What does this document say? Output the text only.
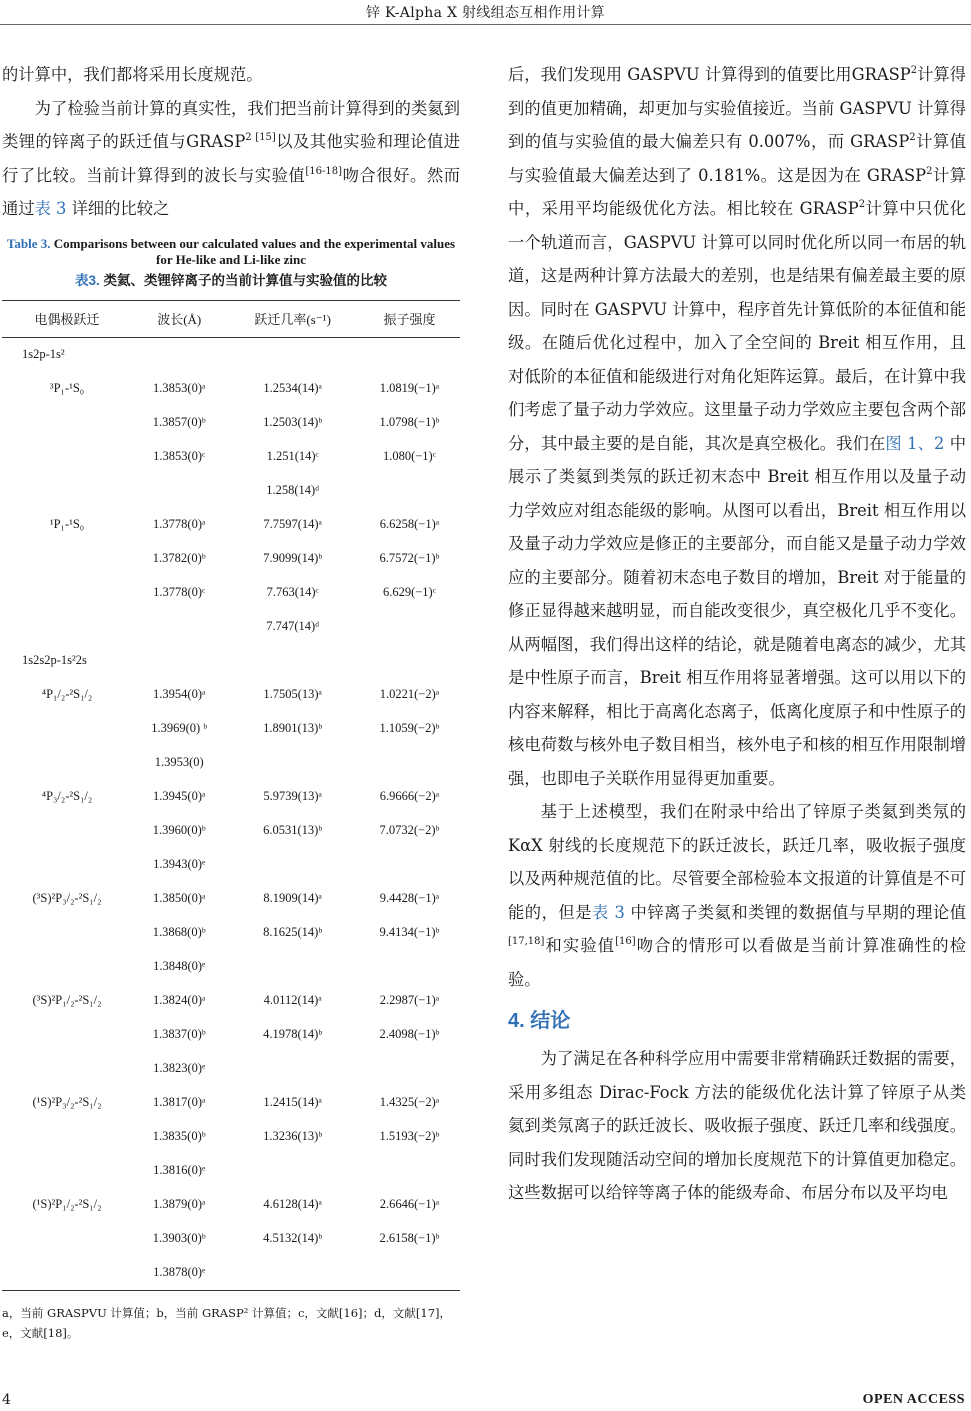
锌 K-Alpha X 射线组态互相作用计算

的计算中，我们都将采用长度规范。

为了检验当前计算的真实性，我们把当前计算得到的类氦到类锂的锌离子的跃迁值与$GRASP^{2 [15]}$以及其他实验和理论值进行了比较。当前计算得到的波长与实验值[16-18]吻合很好。然而通过表 3 详细的比较之

Table 3. Comparisons between our calculated values and the experimental values for He-like and Li-like zinc
表3. 类氦、类锂锌离子的当前计算值与实验值的比较
电偶极跃迁	波长(Å)	跃迁几率(s⁻¹)	振子强度
1s2p-1s²			
³P₁-¹S₀	1.3853(0)ᵃ	1.2534(14)ᵃ	1.0819(−1)ᵃ
	1.3857(0)ᵇ	1.2503(14)ᵇ	1.0798(−1)ᵇ
	1.3853(0)ᶜ	1.251(14)ᶜ	1.080(−1)ᶜ
		1.258(14)ᵈ	
¹P₁-¹S₀	1.3778(0)ᵃ	7.7597(14)ᵃ	6.6258(−1)ᵃ
	1.3782(0)ᵇ	7.9099(14)ᵇ	6.7572(−1)ᵇ
	1.3778(0)ᶜ	7.763(14)ᶜ	6.629(−1)ᶜ
		7.747(14)ᵈ	
1s2s2p-1s²2s			
⁴P₁/₂-²S₁/₂	1.3954(0)ᵃ	1.7505(13)ᵃ	1.0221(−2)ᵃ
	1.3969(0) ᵇ	1.8901(13)ᵇ	1.1059(−2)ᵇ
	1.3953(0)		
⁴P₃/₂-²S₁/₂	1.3945(0)ᵃ	5.9739(13)ᵃ	6.9666(−2)ᵃ
	1.3960(0)ᵇ	6.0531(13)ᵇ	7.0732(−2)ᵇ
	1.3943(0)ᵉ		
(³S)²P₃/₂-²S₁/₂	1.3850(0)ᵃ	8.1909(14)ᵃ	9.4428(−1)ᵃ
	1.3868(0)ᵇ	8.1625(14)ᵇ	9.4134(−1)ᵇ
	1.3848(0)ᵉ		
(³S)²P₁/₂-²S₁/₂	1.3824(0)ᵃ	4.0112(14)ᵃ	2.2987(−1)ᵃ
	1.3837(0)ᵇ	4.1978(14)ᵇ	2.4098(−1)ᵇ
	1.3823(0)ᵉ		
(¹S)²P₃/₂-²S₁/₂	1.3817(0)ᵃ	1.2415(14)ᵃ	1.4325(−2)ᵃ
	1.3835(0)ᵇ	1.3236(13)ᵇ	1.5193(−2)ᵇ
	1.3816(0)ᵉ		
(¹S)²P₁/₂-²S₁/₂	1.3879(0)ᵃ	4.6128(14)ᵃ	2.6646(−1)ᵃ
	1.3903(0)ᵇ	4.5132(14)ᵇ	2.6158(−1)ᵇ
	1.3878(0)ᵉ		
a，当前 GRASPVU 计算值；b，当前 GRASP² 计算值；c，文献[16]；d，文献[17]，e，文献[18]。

后，我们发现用 GASPVU 计算得到的值要比用GRASP$^2$计算得到的值更加精确，却更加与实验值接近。当前 GASPVU 计算得到的值与实验值的最大偏差只有 0.007%，而 GRASP$^2$计算值与实验值最大偏差达到了 0.181%。这是因为在 GRASP$^2$计算中，采用平均能级优化方法。相比较在 GRASP$^2$计算中只优化一个轨道而言，GASPVU 计算可以同时优化所以同一布居的轨道，这是两种计算方法最大的差别，也是结果有偏差最主要的原因。同时在 GASPVU 计算中，程序首先计算低阶的本征值和能级。在随后优化过程中，加入了全空间的 Breit 相互作用，且对低阶的本征值和能级进行对角化矩阵运算。最后，在计算中我们考虑了量子动力学效应。这里量子动力学效应主要包含两个部分，其中最主要的是自能，其次是真空极化。我们在图 1、2 中展示了类氦到类氖的跃迁初末态中 Breit 相互作用以及量子动力学效应对组态能级的影响。从图可以看出，Breit 相互作用以及量子动力学效应是修正的主要部分，而自能又是量子动力学效应的主要部分。随着初末态电子数目的增加，Breit 对于能量的修正显得越来越明显，而自能改变很少，真空极化几乎不变化。从两幅图，我们得出这样的结论，就是随着电离态的减少，尤其是中性原子而言，Breit 相互作用将显著增强。这可以用以下的内容来解释，相比于高离化态离子，低离化度原子和中性原子的核电荷数与核外电子数目相当，核外电子和核的相互作用限制增强，也即电子关联作用显得更加重要。

基于上述模型，我们在附录中给出了锌原子类氦到类氖的 KαX 射线的长度规范下的跃迁波长，跃迁几率，吸收振子强度以及两种规范值的比。尽管要全部检验本文报道的计算值是不可能的，但是表 3 中锌离子类氦和类锂的数据值与早期的理论值[17,18]和实验值[16]吻合的情形可以看做是当前计算准确性的检验。

4. 结论

为了满足在各种科学应用中需要非常精确跃迁数据的需要，采用多组态 Dirac-Fock 方法的能级优化法计算了锌原子从类氦到类氖离子的跃迁波长、吸收振子强度、跃迁几率和线强度。同时我们发现随活动空间的增加长度规范下的计算值更加稳定。这些数据可以给锌等离子体的能级寿命、布居分布以及平均电

4	OPEN ACCESS
